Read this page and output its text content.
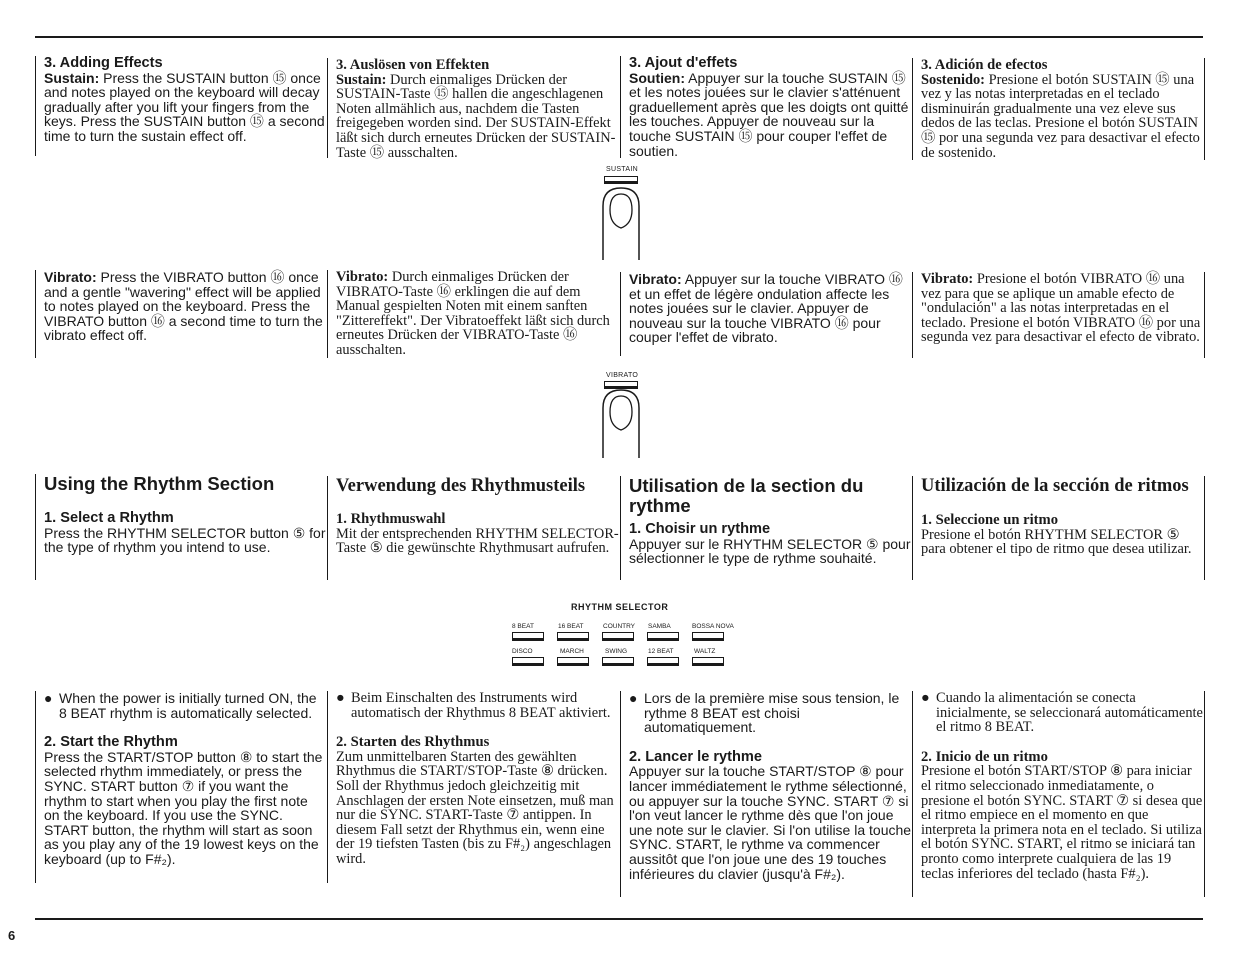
3. Adding Effects

Sustain: Press the SUSTAIN button ⑮ once and notes played on the keyboard will decay gradually after you lift your fingers from the keys. Press the SUSTAIN button ⑮ a second time to turn the sustain effect off.

3. Auslösen von Effekten

Sustain: Durch einmaliges Drücken der SUSTAIN-Taste ⑮ hallen die angeschlagenen Noten allmählich aus, nachdem die Tasten freigegeben worden sind. Der SUSTAIN-Effekt läßt sich durch erneutes Drücken der SUSTAIN-Taste ⑮ ausschalten.

3. Ajout d'effets

Soutien: Appuyer sur la touche SUSTAIN ⑮ et les notes jouées sur le clavier s'atténuent graduellement après que les doigts ont quitté les touches. Appuyer de nouveau sur la touche SUSTAIN ⑮ pour couper l'effet de soutien.

3. Adición de efectos

Sostenido: Presione el botón SUSTAIN ⑮ una vez y las notas interpretadas en el teclado disminuirán gradualmente una vez eleve sus dedos de las teclas. Presione el botón SUSTAIN ⑮ por una segunda vez para desactivar el efecto de sostenido.

SUSTAIN

Vibrato: Press the VIBRATO button ⑯ once and a gentle "wavering" effect will be applied to notes played on the keyboard. Press the VIBRATO button ⑯ a second time to turn the vibrato effect off.

Vibrato: Durch einmaliges Drücken der VIBRATO-Taste ⑯ erklingen die auf dem Manual gespielten Noten mit einem sanften "Zittereffekt". Der Vibratoeffekt läßt sich durch erneutes Drücken der VIBRATO-Taste ⑯ ausschalten.

Vibrato: Appuyer sur la touche VIBRATO ⑯ et un effet de légère ondulation affecte les notes jouées sur le clavier. Appuyer de nouveau sur la touche VIBRATO ⑯ pour couper l'effet de vibrato.

Vibrato: Presione el botón VIBRATO ⑯ una vez para que se aplique un amable efecto de "ondulación" a las notas interpretadas en el teclado. Presione el botón VIBRATO ⑯ por una segunda vez para desactivar el efecto de vibrato.

VIBRATO

Using the Rhythm Section

1. Select a Rhythm

Press the RHYTHM SELECTOR button ⑤ for the type of rhythm you intend to use.

Verwendung des Rhythmusteils

1. Rhythmuswahl

Mit der entsprechenden RHYTHM SELECTOR-Taste ⑤ die gewünschte Rhythmusart aufrufen.

Utilisation de la section du rythme

1. Choisir un rythme

Appuyer sur le RHYTHM SELECTOR ⑤ pour sélectionner le type de rythme souhaité.

Utilización de la sección de ritmos

1. Seleccione un ritmo

Presione el botón RHYTHM SELECTOR ⑤ para obtener el tipo de ritmo que desea utilizar.

RHYTHM SELECTOR
8 BEAT	16 BEAT	COUNTRY SAMBA	BOSSA NOVA
DISCO	MARCH	SWING	12 BEAT	WALTZ
● When the power is initially turned ON, the 8 BEAT rhythm is automatically selected.

2. Start the Rhythm

Press the START/STOP button ⑧ to start the selected rhythm immediately, or press the SYNC. START button ⑦ if you want the rhythm to start when you play the first note on the keyboard. If you use the SYNC. START button, the rhythm will start as soon as you play any of the 19 lowest keys on the keyboard (up to F#₂).

● Beim Einschalten des Instruments wird automatisch der Rhythmus 8 BEAT aktiviert.

2. Starten des Rhythmus

Zum unmittelbaren Starten des gewählten Rhythmus die START/STOP-Taste ⑧ drücken. Soll der Rhythmus jedoch gleichzeitig mit Anschlagen der ersten Note einsetzen, muß man nur die SYNC. START-Taste ⑦ antippen. In diesem Fall setzt der Rhythmus ein, wenn eine der 19 tiefsten Tasten (bis zu F#₂) angeschlagen wird.

● Lors de la première mise sous tension, le rythme 8 BEAT est choisi automatiquement.

2. Lancer le rythme

Appuyer sur la touche START/STOP ⑧ pour lancer immédiatement le rythme sélectionné, ou appuyer sur la touche SYNC. START ⑦ si l'on veut lancer le rythme dès que l'on joue une note sur le clavier. Si l'on utilise la touche SYNC. START, le rythme va commencer aussitôt que l'on joue une des 19 touches inférieures du clavier (jusqu'à F#₂).

● Cuando la alimentación se conecta inicialmente, se seleccionará automáticamente el ritmo 8 BEAT.

2. Inicio de un ritmo

Presione el botón START/STOP ⑧ para iniciar el ritmo seleccionado inmediatamente, o presione el botón SYNC. START ⑦ si desea que el ritmo empiece en el momento en que interpreta la primera nota en el teclado. Si utiliza el botón SYNC. START, el ritmo se iniciará tan pronto como interprete cualquiera de las 19 teclas inferiores del teclado (hasta F#₂).

6
